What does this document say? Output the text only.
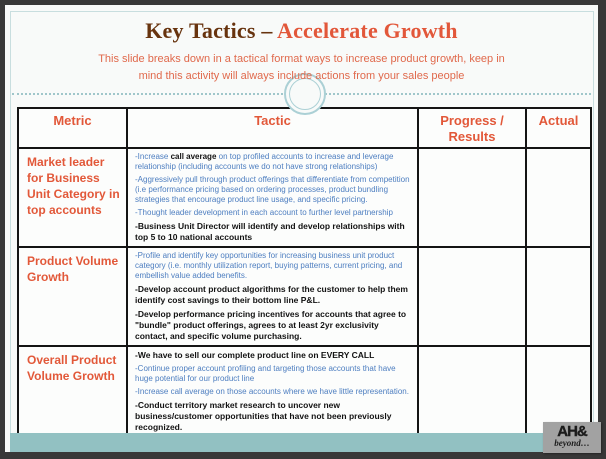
Key Tactics – Accelerate Growth
This slide breaks down in a tactical format ways to increase product growth, keep in
mind this activity will always include actions from your sales people
Metric	Tactic	Progress / Results	Actual
Market leader for Business Unit Category in top accounts	-Increase call average on top profiled accounts to increase and leverage relationship (including accounts we do not have strong relationships)
-Aggressively pull through product offerings that differentiate from competition (i.e performance pricing based on ordering processes, product bundling strategies that encourage product line usage, and specific pricing.
-Thought leader development in each account to further level partnership
-Business Unit Director will identify and develop relationships with top 5 to 10 national accounts		

Product Volume Growth	-Profile and identify key opportunities for increasing business unit product category (i.e. monthly utilization report, buying patterns, current pricing, and embellish value added benefits.
-Develop account product algorithms for the customer to help them identify cost savings to their bottom line P&L.
-Develop performance pricing incentives for accounts that agree to "bundle" product offerings, agrees to at least 2yr exclusivity contact, and specific volume purchasing.		

Overall Product Volume Growth	-We have to sell our complete product line on EVERY CALL
-Continue proper account profiling and targeting those accounts that have huge potential for our product line
-Increase call average on those accounts where we have little representation.
-Conduct territory market research to uncover new business/customer opportunities that have not been previously recognized.		
			AH&
beyond…
